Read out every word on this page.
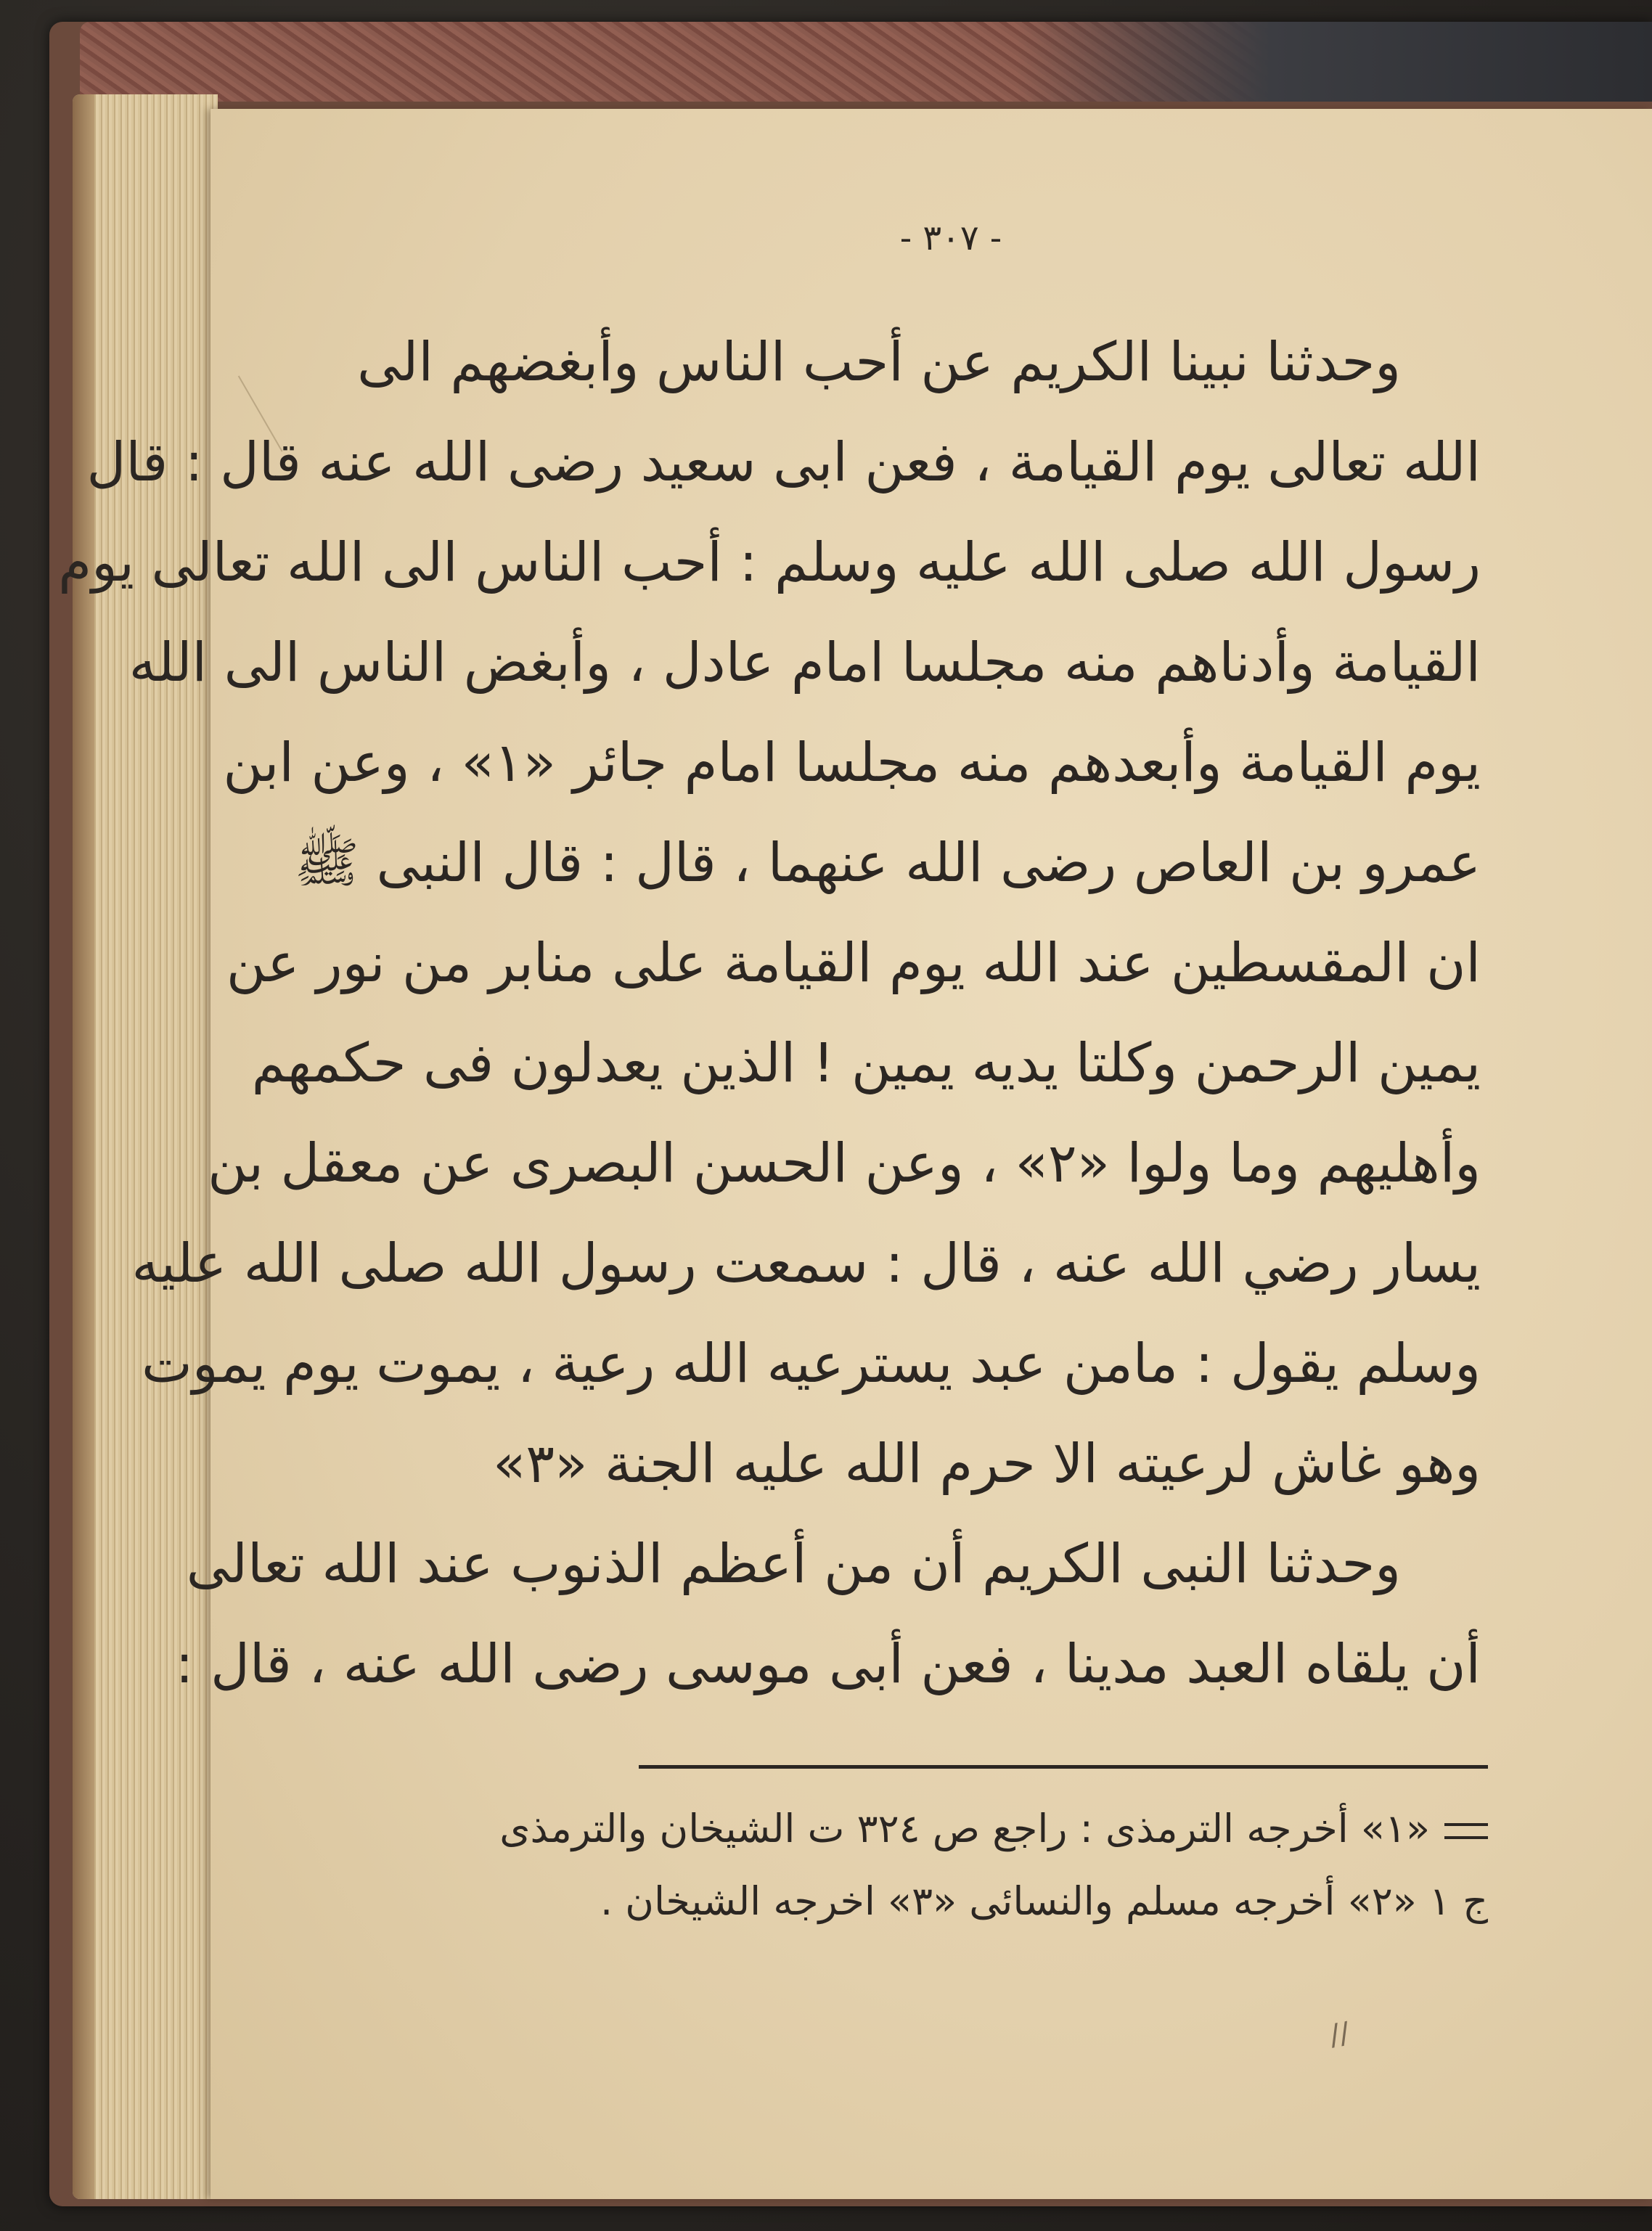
- ٣٠٧ -
وحدثنا نبينا الكريم عن أحب الناس وأبغضهم الى
الله تعالى يوم القيامة ، فعن ابى سعيد رضى الله عنه قال : قال
رسول الله صلى الله عليه وسلم : أحب الناس الى الله تعالى يوم
القيامة وأدناهم منه مجلسا امام عادل ، وأبغض الناس الى الله
يوم القيامة وأبعدهم منه مجلسا امام جائر «١» ، وعن ابن
عمرو بن العاص رضى الله عنهما ، قال : قال النبى ﷺ
ان المقسطين عند الله يوم القيامة على منابر من نور عن
يمين الرحمن وكلتا يديه يمين ! الذين يعدلون فى حكمهم
وأهليهم وما ولوا «٢» ، وعن الحسن البصرى عن معقل بن
يسار رضي الله عنه ، قال : سمعت رسول الله صلى الله عليه
وسلم يقول : مامن عبد يسترعيه الله رعية ، يموت يوم يموت
وهو غاش لرعيته الا حرم الله عليه الجنة «٣»
وحدثنا النبى الكريم أن من أعظم الذنوب عند الله تعالى
أن يلقاه العبد مدينا ، فعن أبى موسى رضى الله عنه ، قال :
«١» أخرجه الترمذى : راجع ص ٣٢٤ ت الشيخان والترمذى
ج ١ «٢» أخرجه مسلم والنسائى «٣» اخرجه الشيخان .
//
